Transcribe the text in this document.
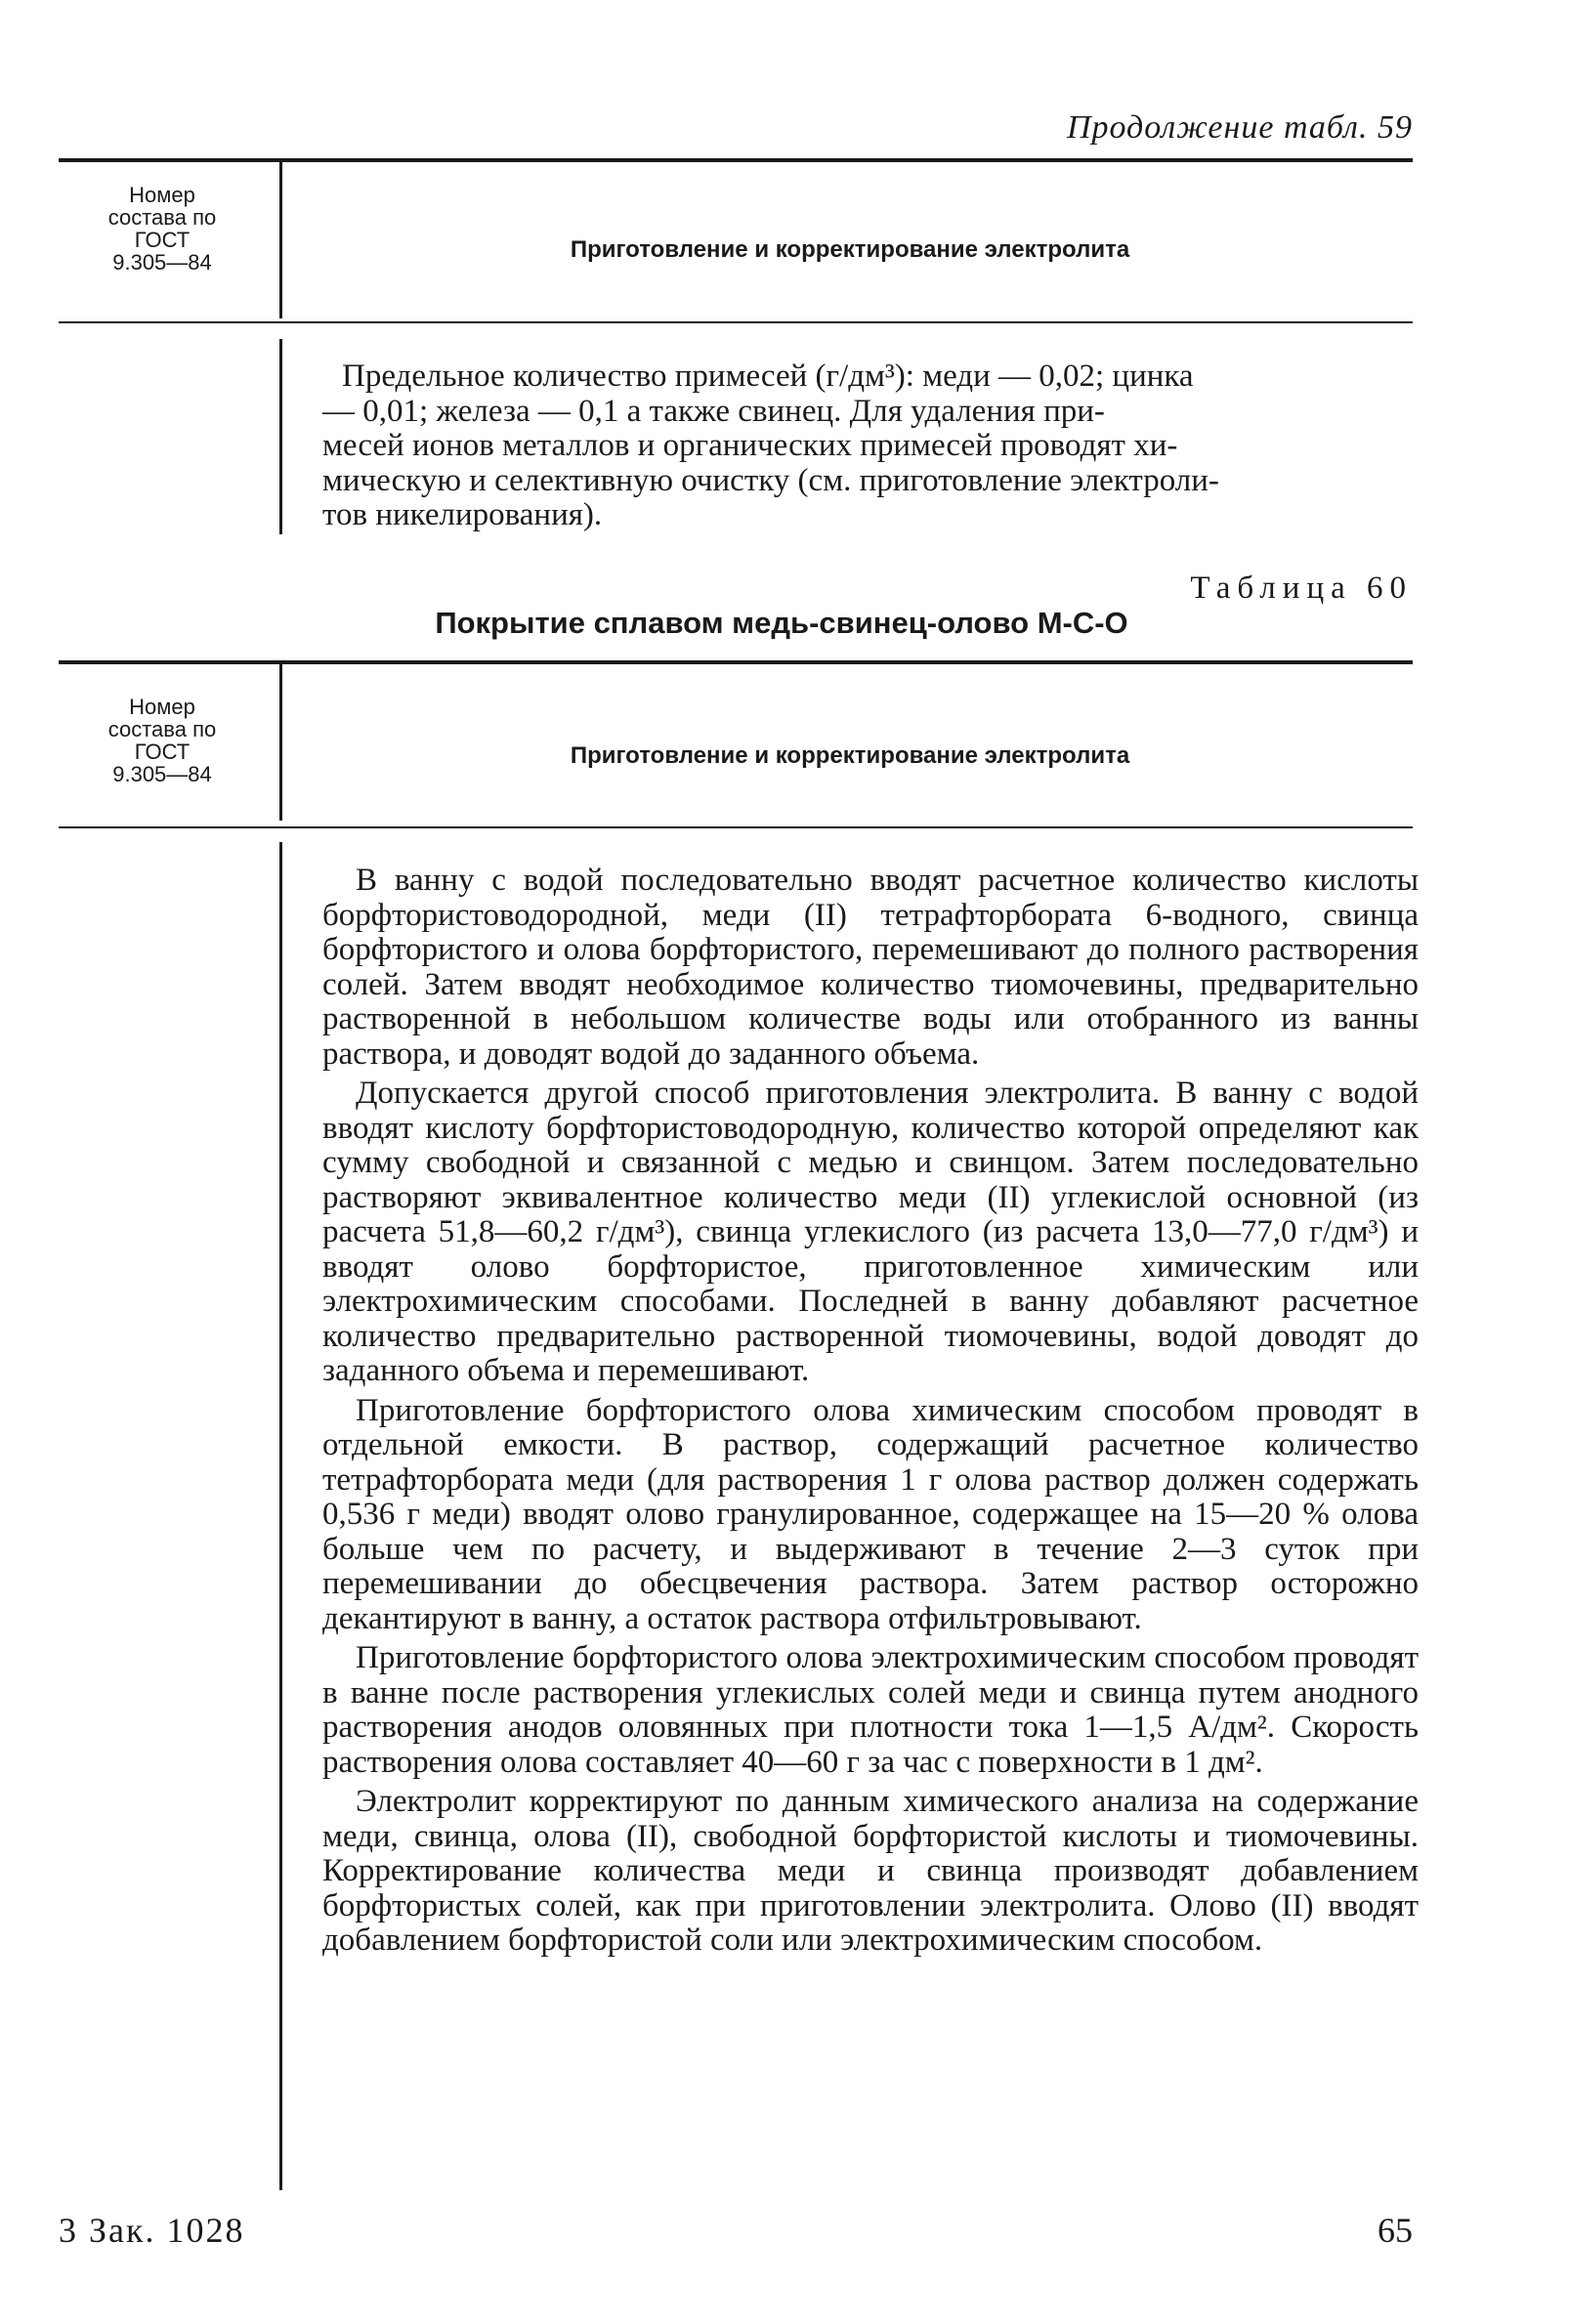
Продолжение табл. 59
Номер
состава по
ГОСТ
9.305—84	Приготовление и корректирование электролита
Предельное количество примесей (г/дм³): меди — 0,02; цинка
— 0,01; железа — 0,1 а также свинец. Для удаления при-
месей ионов металлов и органических примесей проводят хи-
мическую и селективную очистку (см. приготовление электроли-
тов никелирования).
Таблица 60
Покрытие сплавом медь-свинец-олово М-С-О
Номер
состава по
ГОСТ
9.305—84
Приготовление и корректирование электролита

В ванну с водой последовательно вводят расчетное количество кислоты борфтористоводородной, меди (II) тетрафторбората 6-водного, свинца борфтористого и олова борфтористого, перемешивают до полного растворения солей. Затем вводят необходимое количество тиомочевины, предварительно растворенной в небольшом количестве воды или отобранного из ванны раствора, и доводят водой до заданного объема.

Допускается другой способ приготовления электролита. В ванну с водой вводят кислоту борфтористоводородную, количество которой определяют как сумму свободной и связанной с медью и свинцом. Затем последовательно растворяют эквивалентное количество меди (II) углекислой основной (из расчета 51,8—60,2 г/дм³), свинца углекислого (из расчета 13,0—77,0 г/дм³) и вводят олово борфтористое, приготовленное химическим или электрохимическим способами. Последней в ванну добавляют расчетное количество предварительно растворенной тиомочевины, водой доводят до заданного объема и перемешивают.

Приготовление борфтористого олова химическим способом проводят в отдельной емкости. В раствор, содержащий расчетное количество тетрафторбората меди (для растворения 1 г олова раствор должен содержать 0,536 г меди) вводят олово гранулированное, содержащее на 15—20 % олова больше чем по расчету, и выдерживают в течение 2—3 суток при перемешивании до обесцвечения раствора. Затем раствор осторожно декантируют в ванну, а остаток раствора отфильтровывают.

Приготовление борфтористого олова электрохимическим способом проводят в ванне после растворения углекислых солей меди и свинца путем анодного растворения анодов оловянных при плотности тока 1—1,5 А/дм². Скорость растворения олова составляет 40—60 г за час с поверхности в 1 дм².

Электролит корректируют по данным химического анализа на содержание меди, свинца, олова (II), свободной борфтористой кислоты и тиомочевины. Корректирование количества меди и свинца производят добавлением борфтористых солей, как при приготовлении электролита. Олово (II) вводят добавлением борфтористой соли или электрохимическим способом.

3 Зак. 1028	65
